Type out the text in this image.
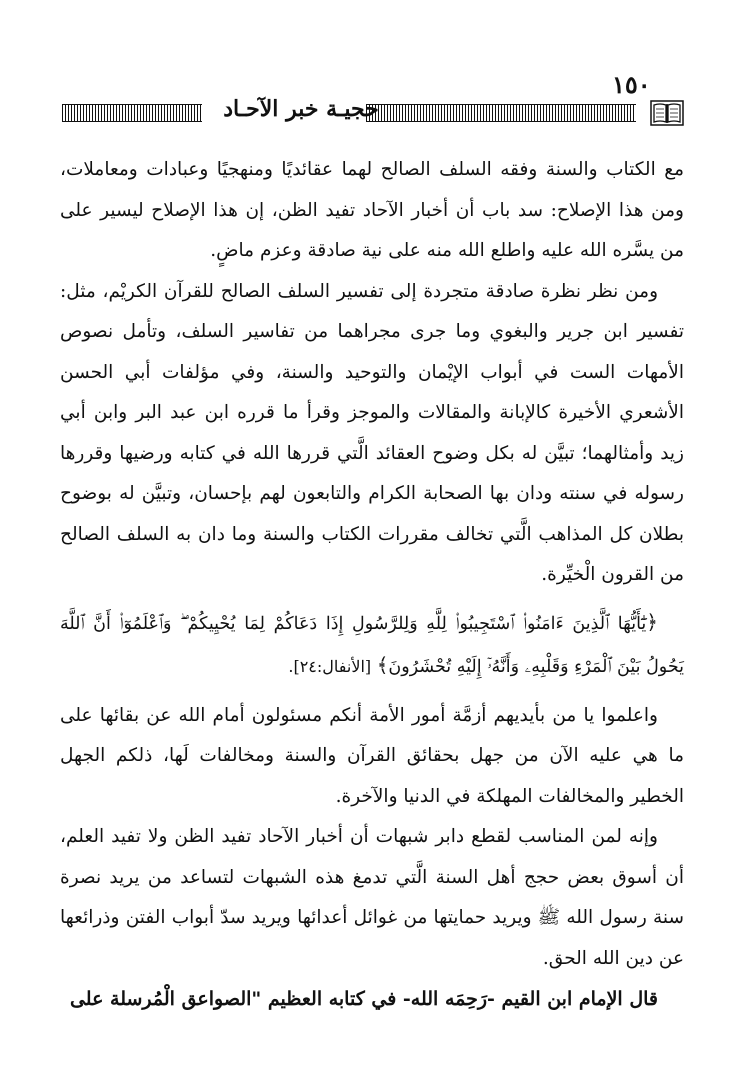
١٥٠
حجيـة خبر الآحـاد

مع الكتاب والسنة وفقه السلف الصالح لهما عقائديًا ومنهجيًا وعبادات ومعاملات، ومن هذا الإصلاح: سد باب أن أخبار الآحاد تفيد الظن، إن هذا الإصلاح ليسير على من يسَّره الله عليه واطلع الله منه على نية صادقة وعزم ماضٍ.

ومن نظر نظرة صادقة متجردة إلى تفسير السلف الصالح للقرآن الكريْم، مثل: تفسير ابن جرير والبغوي وما جرى مجراهما من تفاسير السلف، وتأمل نصوص الأمهات الست في أبواب الإيْمان والتوحيد والسنة، وفي مؤلفات أبي الحسن الأشعري الأخيرة كالإبانة والمقالات والموجز وقرأ ما قرره ابن عبد البر وابن أبي زيد وأمثالهما؛ تبيَّن له بكل وضوح العقائد الَّتي قررها الله في كتابه ورضيها وقررها رسوله في سنته ودان بها الصحابة الكرام والتابعون لهم بإحسان، وتبيَّن له بوضوح بطلان كل المذاهب الَّتي تخالف مقررات الكتاب والسنة وما دان به السلف الصالح من القرون الْخيِّرة.

﴿يَٰٓأَيُّهَا ٱلَّذِينَ ءَامَنُوا۟ ٱسْتَجِيبُوا۟ لِلَّهِ وَلِلرَّسُولِ إِذَا دَعَاكُمْ لِمَا يُحْيِيكُمْ ۖ وَٱعْلَمُوٓا۟ أَنَّ ٱللَّهَ يَحُولُ بَيْنَ ٱلْمَرْءِ وَقَلْبِهِۦ وَأَنَّهُۥٓ إِلَيْهِ تُحْشَرُونَ﴾ [الأنفال:٢٤].

واعلموا يا من بأيديهم أزمَّة أمور الأمة أنكم مسئولون أمام الله عن بقائها على ما هي عليه الآن من جهل بحقائق القرآن والسنة ومخالفات لَها، ذلكم الجهل الخطير والمخالفات المهلكة في الدنيا والآخرة.

وإنه لمن المناسب لقطع دابر شبهات أن أخبار الآحاد تفيد الظن ولا تفيد العلم، أن أسوق بعض حجج أهل السنة الَّتي تدمغ هذه الشبهات لتساعد من يريد نصرة سنة رسول الله ﷺ ويريد حمايتها من غوائل أعدائها ويريد سدّ أبواب الفتن وذرائعها عن دين الله الحق.

قال الإمام ابن القيم -رَحِمَه الله- في كتابه العظيم "الصواعق الْمُرسلة على
